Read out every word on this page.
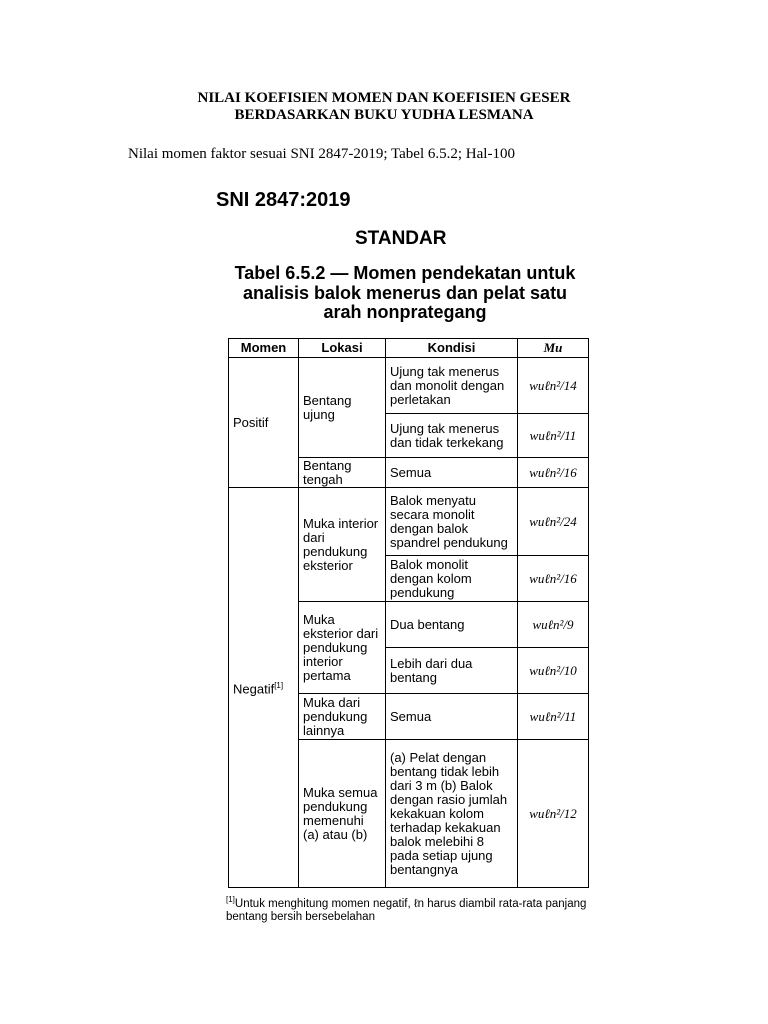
NILAI KOEFISIEN MOMEN DAN KOEFISIEN GESER
BERDASARKAN BUKU YUDHA LESMANA
Nilai momen faktor sesuai SNI 2847-2019; Tabel 6.5.2; Hal-100
SNI 2847:2019
STANDAR
Tabel 6.5.2 — Momen pendekatan untuk
analisis balok menerus dan pelat satu
arah nonprategang
Momen	Lokasi	Kondisi	Mu
Positif	Bentang ujung	Ujung tak menerus dan monolit dengan perletakan	wuℓn²/14
		Ujung tak menerus dan tidak terkekang	wuℓn²/11
	Bentang tengah	Semua	wuℓn²/16
Negatif[1]	Muka interior dari pendukung eksterior	Balok menyatu secara monolit dengan balok spandrel pendukung	wuℓn²/24
		Balok monolit dengan kolom pendukung	wuℓn²/16
	Muka eksterior dari pendukung interior pertama	Dua bentang	wuℓn²/9
		Lebih dari dua bentang	wuℓn²/10
	Muka dari pendukung lainnya	Semua	wuℓn²/11
	Muka semua pendukung memenuhi (a) atau (b)	(a) Pelat dengan bentang tidak lebih dari 3 m (b) Balok dengan rasio jumlah kekakuan kolom terhadap kekakuan balok melebihi 8 pada setiap ujung bentangnya	wuℓn²/12
[1]Untuk menghitung momen negatif, ℓn harus diambil rata-rata panjang bentang bersih bersebelahan
